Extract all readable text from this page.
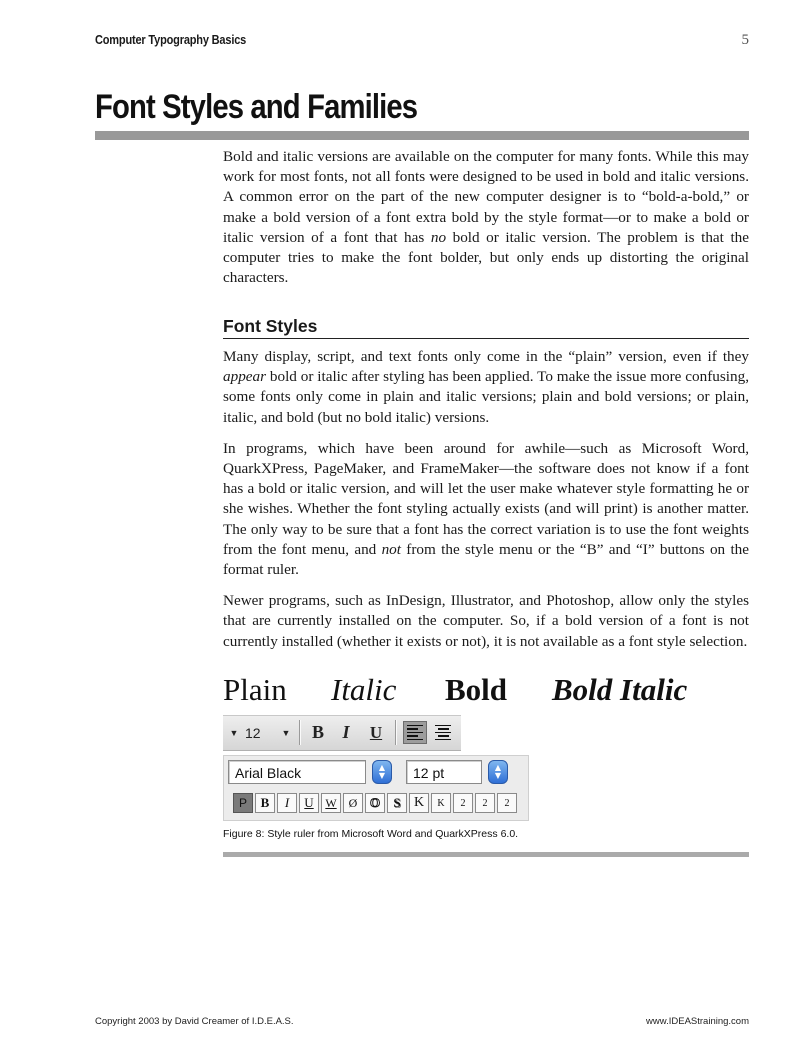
Computer Typography Basics	5
Font Styles and Families

Bold and italic versions are available on the computer for many fonts. While this may work for most fonts, not all fonts were designed to be used in bold and italic versions. A common error on the part of the new computer designer is to “bold-a-bold,” or make a bold version of a font extra bold by the style format—or to make a bold or italic version of a font that has no bold or italic version. The problem is that the computer tries to make the font bolder, but only ends up distorting the original characters.

Font Styles

Many display, script, and text fonts only come in the “plain” version, even if they appear bold or italic after styling has been applied. To make the issue more confusing, some fonts only come in plain and italic versions; plain and bold versions; or plain, italic, and bold (but no bold italic) versions.

In programs, which have been around for awhile—such as Microsoft Word, QuarkXPress, PageMaker, and FrameMaker—the software does not know if a font has a bold or italic version, and will let the user make whatever style formatting he or she wishes. Whether the font styling actually exists (and will print) is another matter. The only way to be sure that a font has the correct variation is to use the font weights from the font menu, and not from the style menu or the “B” and “I” buttons on the format ruler.

Newer programs, such as InDesign, Illustrator, and Photoshop, allow only the styles that are currently installed on the computer. So, if a bold version of a font is not currently installed (whether it exists or not), it is not available as a font style selection.

Plain Italic Bold Bold Italic
▼ 12	▼ B	I	U
Arial Black	▲
▼	12 pt	▲
▼
P	B	I	U W	Ø O	S K	K	2	2	2
Figure 8: Style ruler from Microsoft Word and QuarkXPress 6.0.
Copyright 2003 by David Creamer of I.D.E.A.S.	www.IDEAStraining.com
